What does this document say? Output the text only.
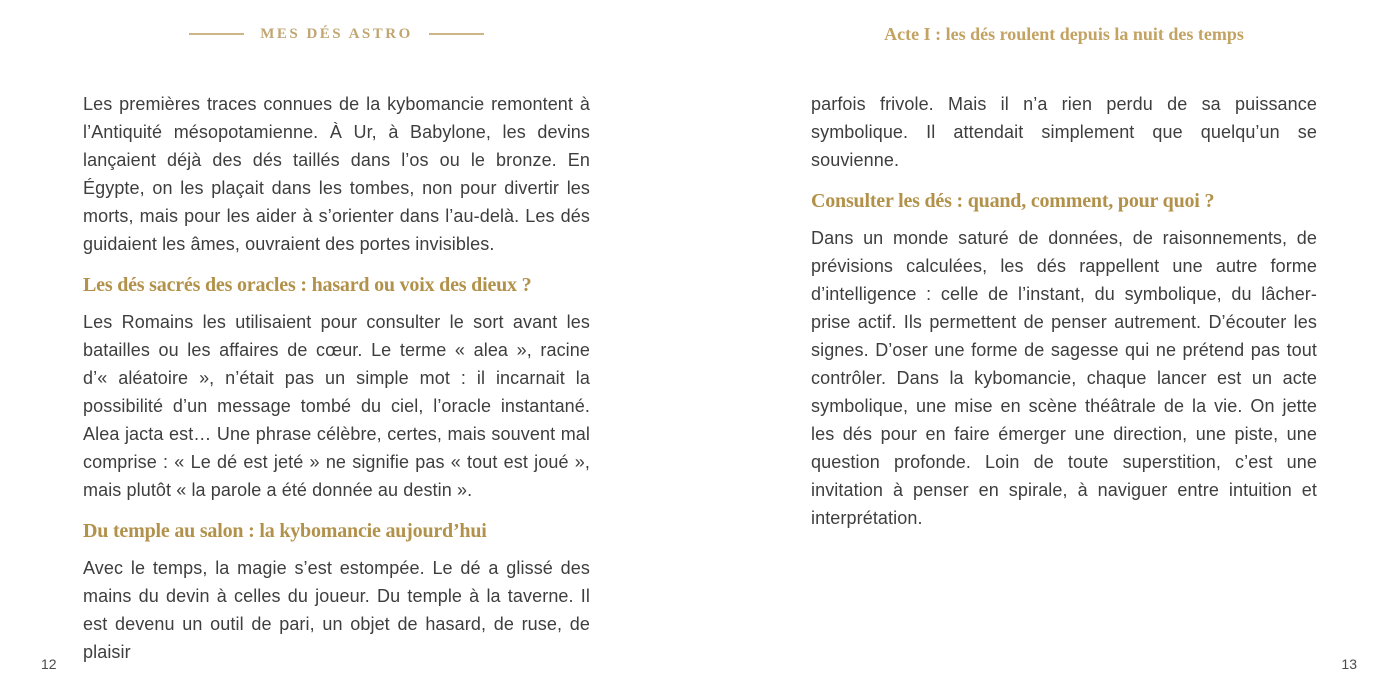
MES DÉS ASTRO

Les premières traces connues de la kybomancie remontent à l’Antiquité mésopotamienne. À Ur, à Babylone, les devins lançaient déjà des dés taillés dans l’os ou le bronze. En Égypte, on les plaçait dans les tombes, non pour divertir les morts, mais pour les aider à s’orienter dans l’au-delà. Les dés guidaient les âmes, ouvraient des portes invisibles.

Les dés sacrés des oracles : hasard ou voix des dieux ?

Les Romains les utilisaient pour consulter le sort avant les batailles ou les affaires de cœur. Le terme « alea », racine d’« aléatoire », n’était pas un simple mot : il incarnait la possibilité d’un message tombé du ciel, l’oracle instantané. Alea jacta est… Une phrase célèbre, certes, mais souvent mal comprise : « Le dé est jeté » ne signifie pas « tout est joué », mais plutôt « la parole a été donnée au destin ».

Du temple au salon : la kybomancie aujourd’hui

Avec le temps, la magie s’est estompée. Le dé a glissé des mains du devin à celles du joueur. Du temple à la taverne. Il est devenu un outil de pari, un objet de hasard, de ruse, de plaisir

12
Acte I : les dés roulent depuis la nuit des temps

parfois frivole. Mais il n’a rien perdu de sa puissance symbolique. Il attendait simplement que quelqu’un se souvienne.

Consulter les dés : quand, comment, pour quoi ?

Dans un monde saturé de données, de raisonnements, de prévisions calculées, les dés rappellent une autre forme d’intelligence : celle de l’instant, du symbolique, du lâcher-prise actif. Ils permettent de penser autrement. D’écouter les signes. D’oser une forme de sagesse qui ne prétend pas tout contrôler. Dans la kybomancie, chaque lancer est un acte symbolique, une mise en scène théâtrale de la vie. On jette les dés pour en faire émerger une direction, une piste, une question profonde. Loin de toute superstition, c’est une invitation à penser en spirale, à naviguer entre intuition et interprétation.

13
